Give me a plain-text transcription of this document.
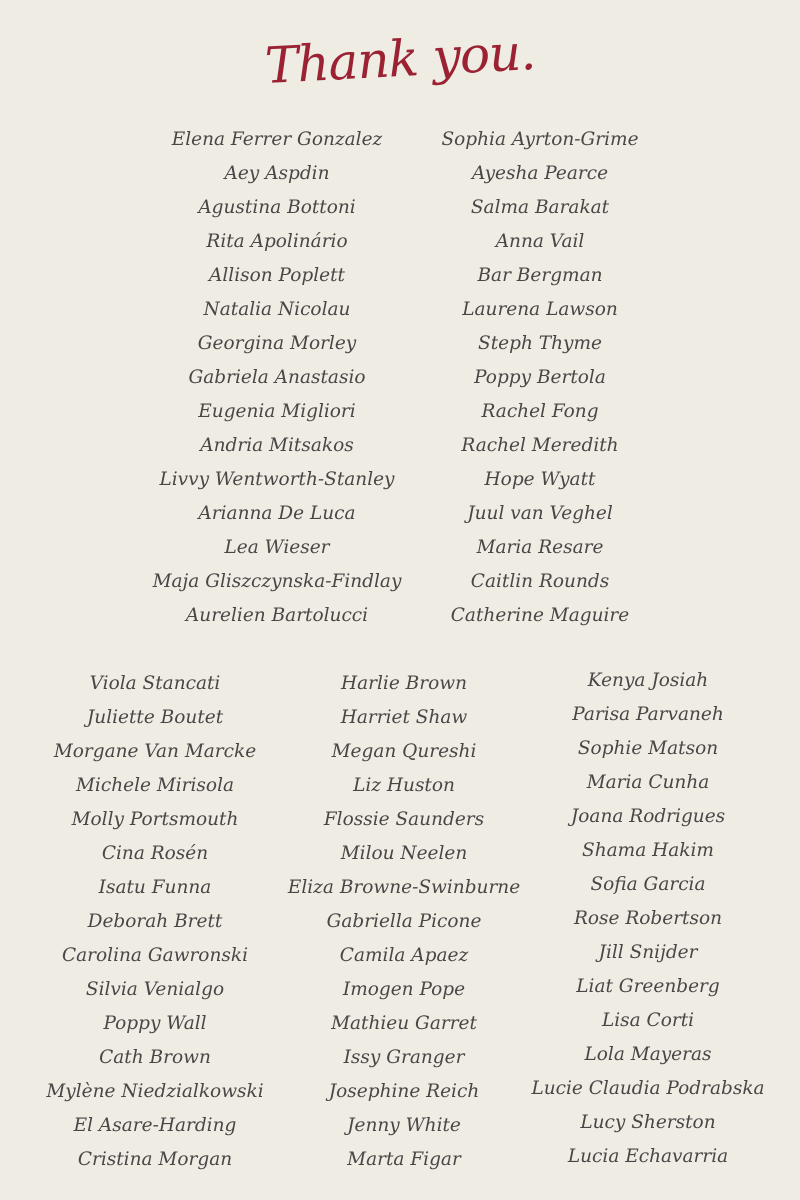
Thank you.
Elena Ferrer Gonzalez
Aey Aspdin
Agustina Bottoni
Rita Apolinário
Allison Poplett
Natalia Nicolau
Georgina Morley
Gabriela Anastasio
Eugenia Migliori
Andria Mitsakos
Livvy Wentworth-Stanley
Arianna De Luca
Lea Wieser
Maja Gliszczynska-Findlay
Aurelien Bartolucci
Sophia Ayrton-Grime
Ayesha Pearce
Salma Barakat
Anna Vail
Bar Bergman
Laurena Lawson
Steph Thyme
Poppy Bertola
Rachel Fong
Rachel Meredith
Hope Wyatt
Juul van Veghel
Maria Resare
Caitlin Rounds
Catherine Maguire
Viola Stancati
Juliette Boutet
Morgane Van Marcke
Michele Mirisola
Molly Portsmouth
Cina Rosén
Isatu Funna
Deborah Brett
Carolina Gawronski
Silvia Venialgo
Poppy Wall
Cath Brown
Mylène Niedzialkowski
El Asare-Harding
Cristina Morgan
Harlie Brown
Harriet Shaw
Megan Qureshi
Liz Huston
Flossie Saunders
Milou Neelen
Eliza Browne-Swinburne
Gabriella Picone
Camila Apaez
Imogen Pope
Mathieu Garret
Issy Granger
Josephine Reich
Jenny White
Marta Figar
Kenya Josiah
Parisa Parvaneh
Sophie Matson
Maria Cunha
Joana Rodrigues
Shama Hakim
Sofia Garcia
Rose Robertson
Jill Snijder
Liat Greenberg
Lisa Corti
Lola Mayeras
Lucie Claudia Podrabska
Lucy Sherston
Lucia Echavarria
